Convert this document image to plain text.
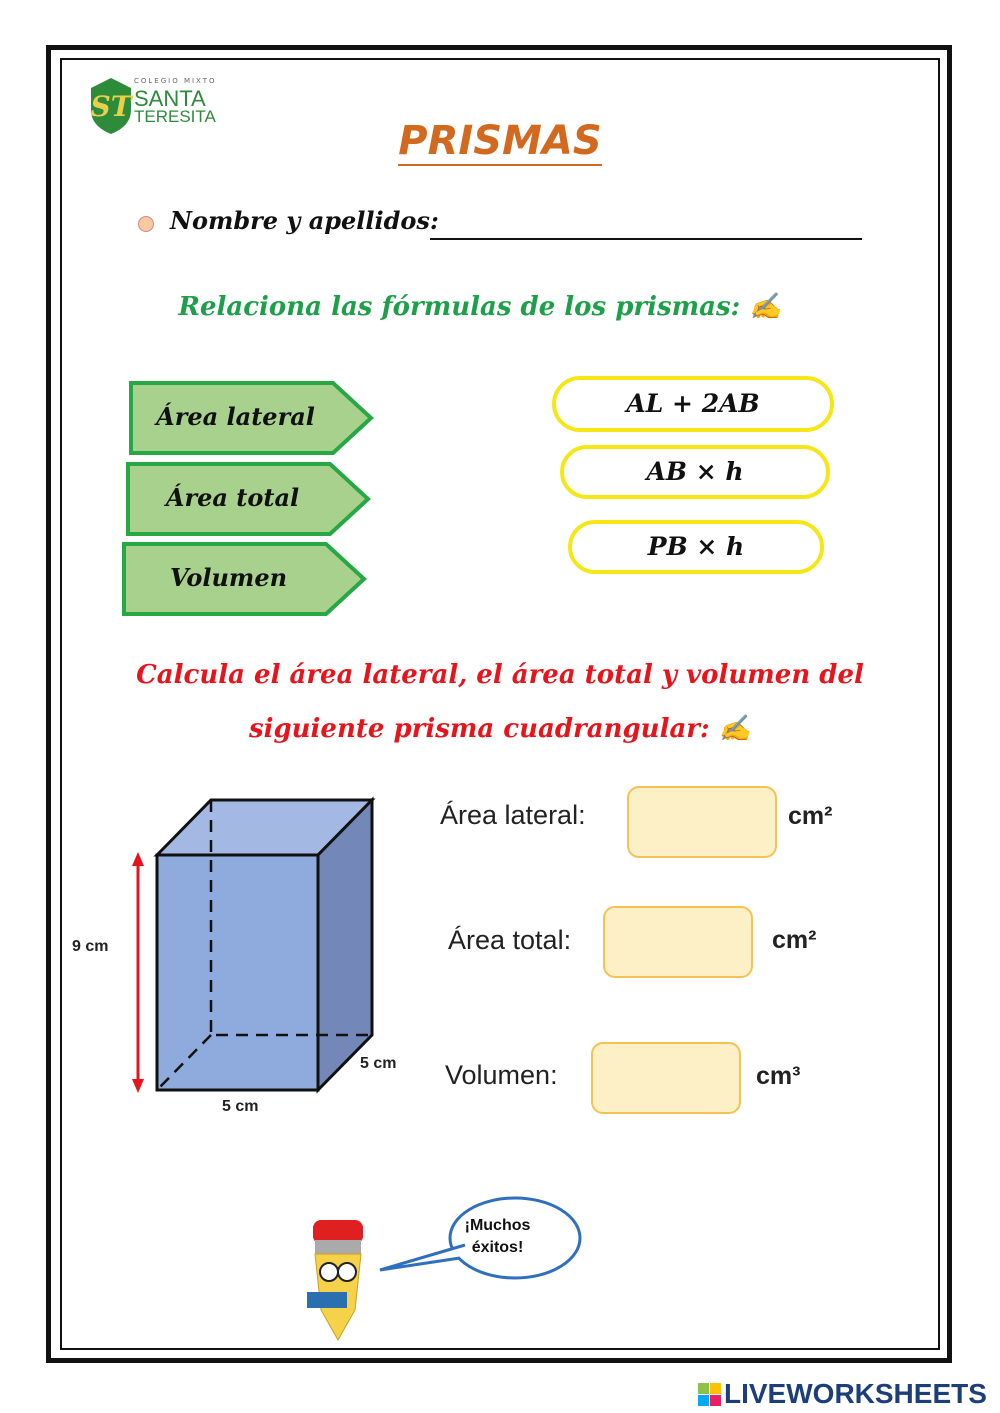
ST
COLEGIO MIXTO
SANTA
TERESITA
PRISMAS
Nombre y apellidos:
Relaciona las fórmulas de los prismas: ✍
Área lateral
Área total
Volumen
AL + 2AB
AB × h
PB × h
Calcula el área lateral, el área total y volumen del
siguiente prisma cuadrangular: ✍
9 cm
5 cm
5 cm
Área lateral:	cm²
Área total:	cm²
Volumen:	cm³
¡Muchos éxitos!
LIVEWORKSHEETS
